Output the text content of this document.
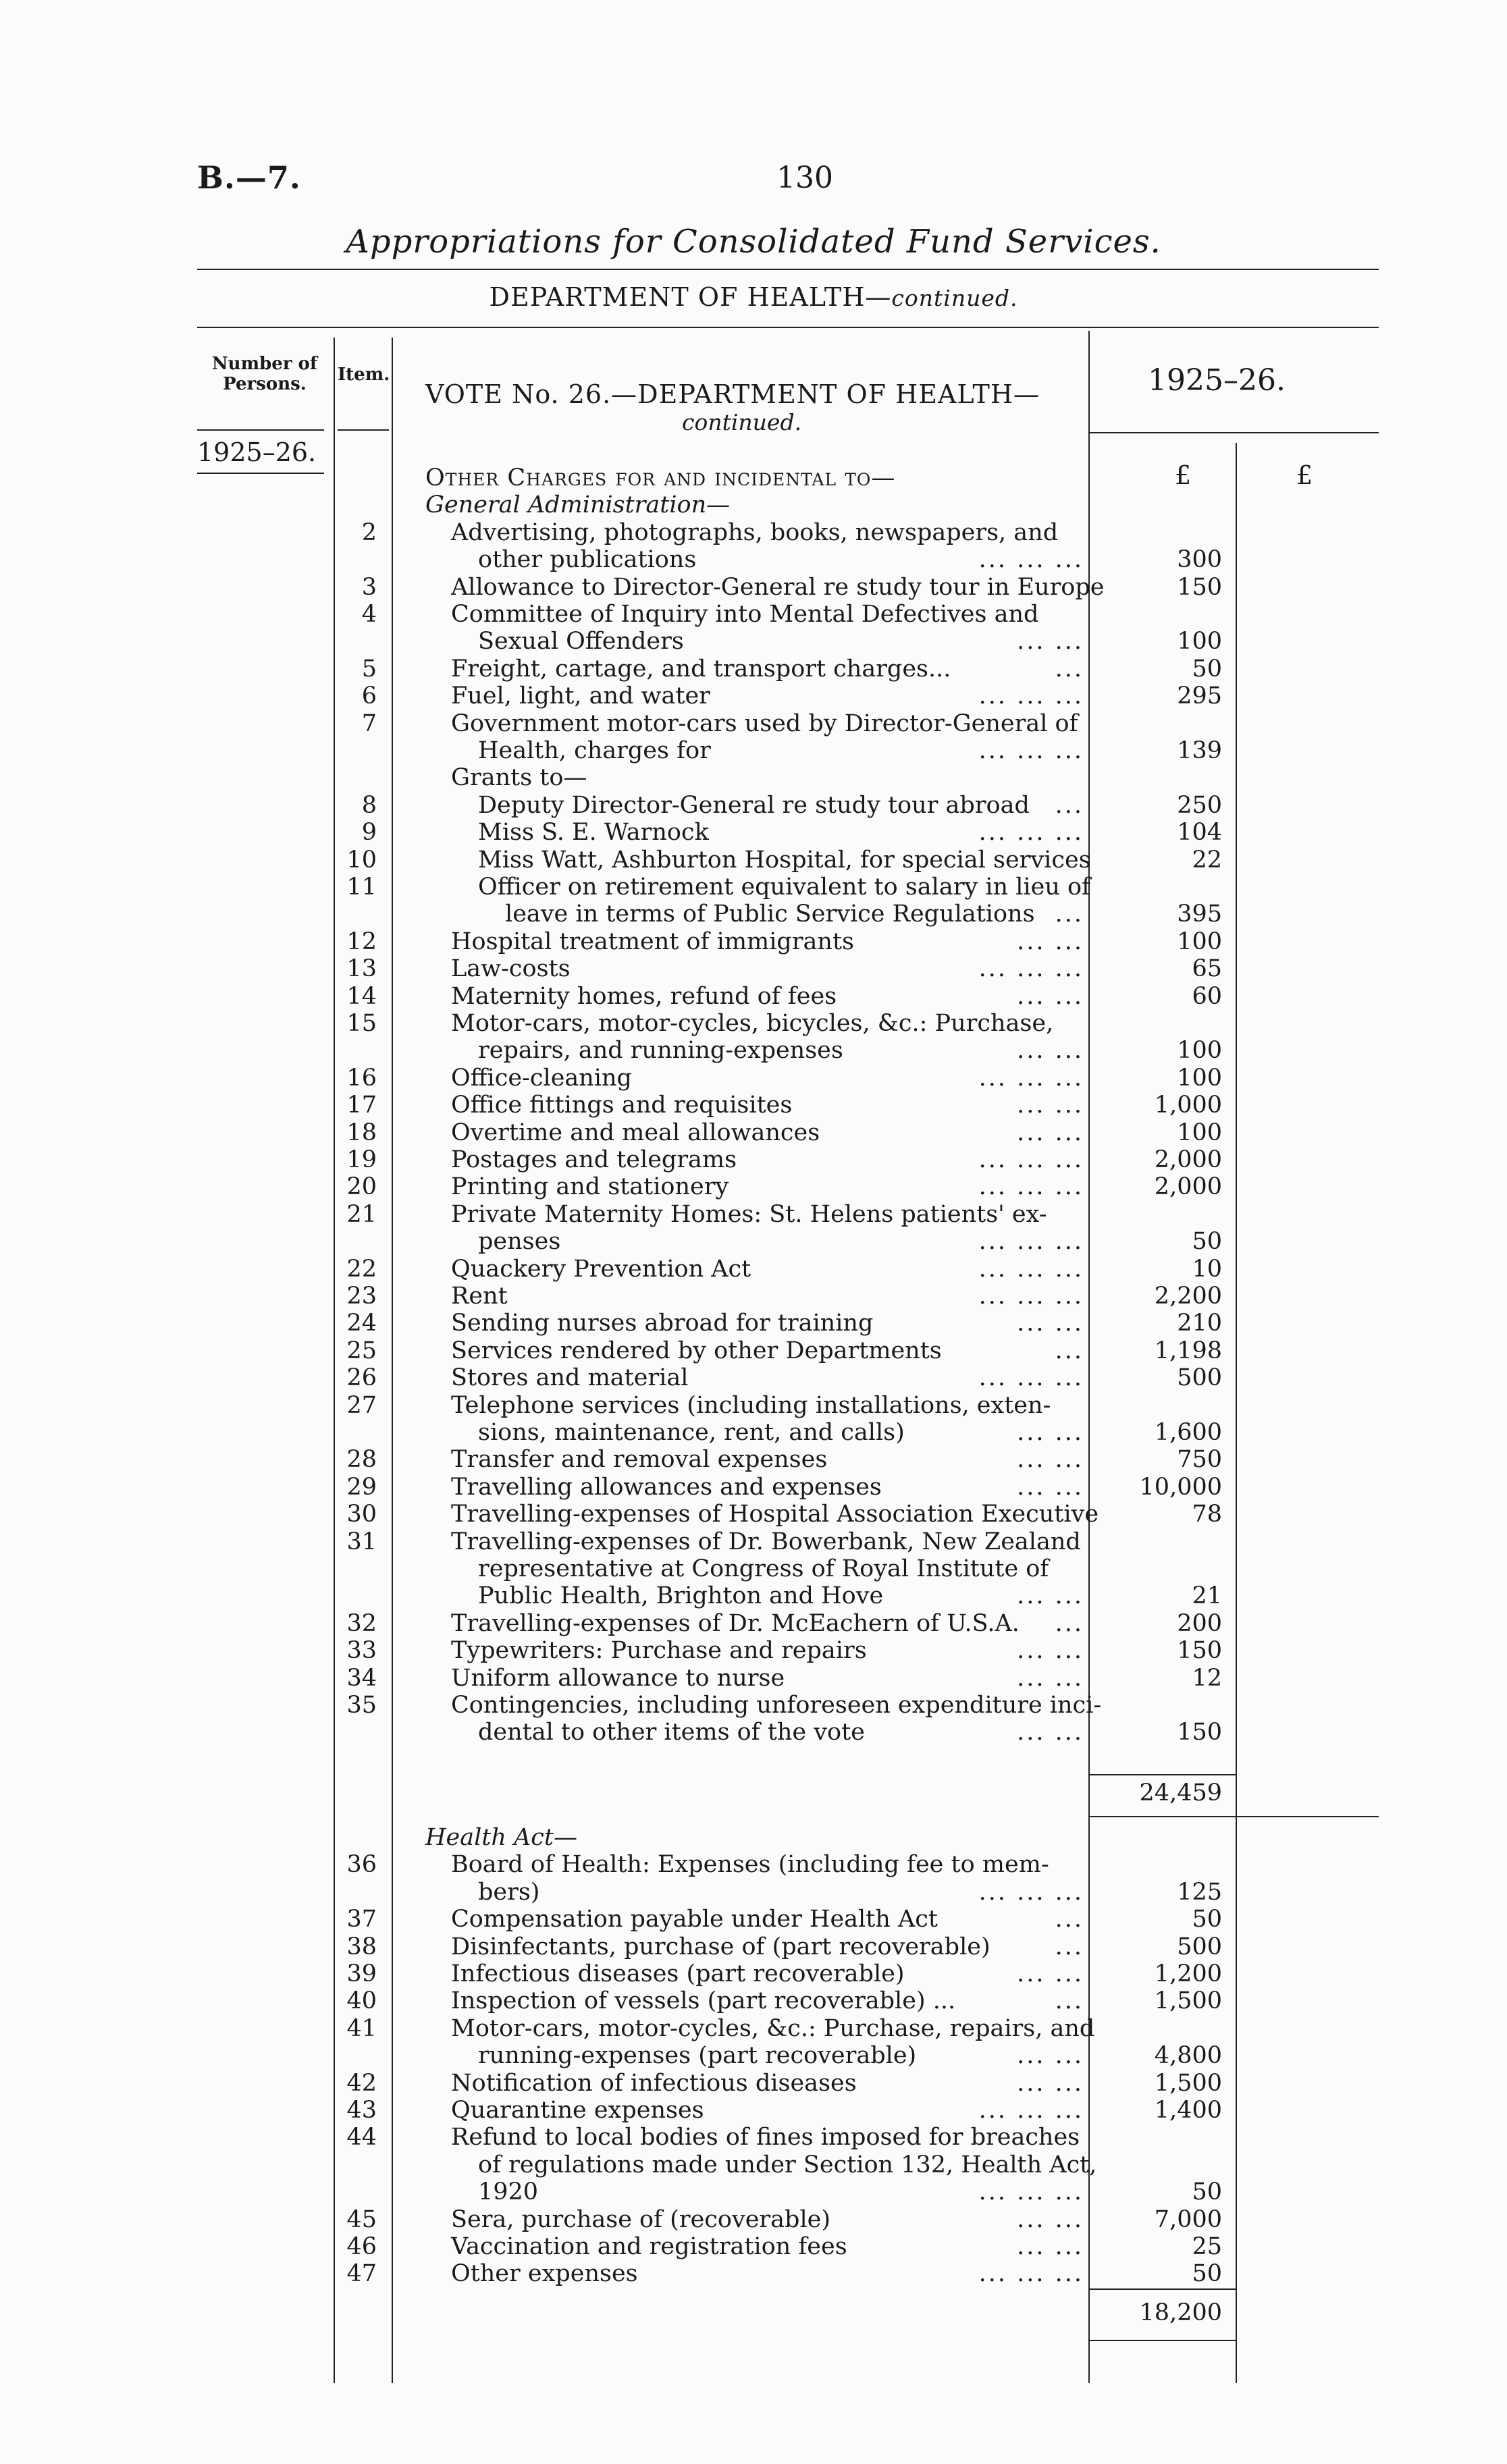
B.—7.	130
Appropriations for Consolidated Fund Services.
DEPARTMENT OF HEALTH—continued.
Number of Persons.	Item.
VOTE No. 26.—DEPARTMENT OF HEALTH—
continued.
1925–26.
1925–26.
£	£
Other Charges for and incidental to—
General Administration—
2	Advertising, photographs, books, newspapers, and
other publications	... ... ...	300
3	Allowance to Director-General re study tour in Europe	150
4	Committee of Inquiry into Mental Defectives and
Sexual Offenders	... ...	100
5	Freight, cartage, and transport charges...	...	50
6	Fuel, light, and water	... ... ...	295
7	Government motor-cars used by Director-General of
Health, charges for	... ... ...	139
Grants to—
8	Deputy Director-General re study tour abroad	...	250
9	Miss S. E. Warnock	... ... ...	104
10	Miss Watt, Ashburton Hospital, for special services	22
11	Officer on retirement equivalent to salary in lieu of
leave in terms of Public Service Regulations ...	395
12	Hospital treatment of immigrants	... ...	100
13	Law-costs	... ... ...	65
14	Maternity homes, refund of fees	... ...	60
15	Motor-cars, motor-cycles, bicycles, &c.: Purchase,
repairs, and running-expenses	... ...	100
16	Office-cleaning	... ... ...	100
17	Office fittings and requisites	... ...	1,000
18	Overtime and meal allowances	... ...	100
19	Postages and telegrams	... ... ...	2,000
20	Printing and stationery	... ... ...	2,000
21	Private Maternity Homes: St. Helens patients' ex-
penses	... ... ...	50
22	Quackery Prevention Act	... ... ...	10
23	Rent	... ... ...	2,200
24	Sending nurses abroad for training	... ...	210
25	Services rendered by other Departments	...	1,198
26	Stores and material	... ... ...	500
27	Telephone services (including installations, exten-
sions, maintenance, rent, and calls)	... ...	1,600
28	Transfer and removal expenses	... ...	750
29	Travelling allowances and expenses	... ...	10,000
30	Travelling-expenses of Hospital Association Executive	78
31	Travelling-expenses of Dr. Bowerbank, New Zealand
representative at Congress of Royal Institute of
Public Health, Brighton and Hove	... ...	21
32	Travelling-expenses of Dr. McEachern of U.S.A.	...	200
33	Typewriters: Purchase and repairs	... ...	150
34	Uniform allowance to nurse	... ...	12
35	Contingencies, including unforeseen expenditure inci-
dental to other items of the vote	... ...	150
24,459
Health Act—
36	Board of Health: Expenses (including fee to mem-
bers)	... ... ...	125
37	Compensation payable under Health Act	...	50
38	Disinfectants, purchase of (part recoverable)	...	500
39	Infectious diseases (part recoverable)	... ...	1,200
40	Inspection of vessels (part recoverable) ...	...	1,500
41	Motor-cars, motor-cycles, &c.: Purchase, repairs, and
running-expenses (part recoverable)	... ...	4,800
42	Notification of infectious diseases	... ...	1,500
43	Quarantine expenses	... ... ...	1,400
44	Refund to local bodies of fines imposed for breaches
of regulations made under Section 132, Health Act,
1920	... ... ...	50
45	Sera, purchase of (recoverable)	... ...	7,000
46	Vaccination and registration fees	... ...	25
47	Other expenses	... ... ...	50
18,200
